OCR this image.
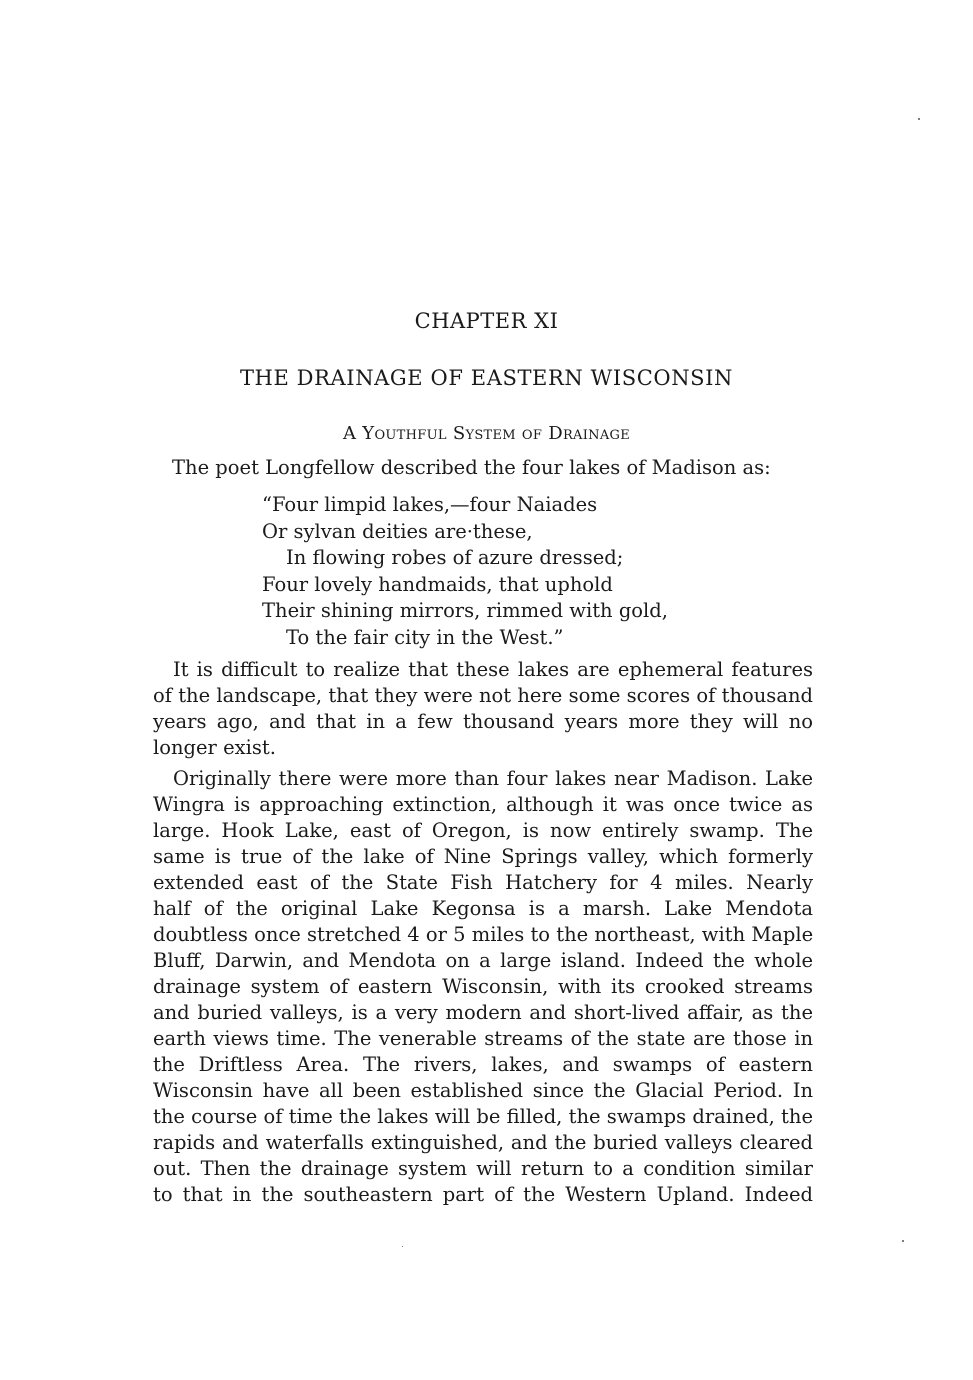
CHAPTER XI
THE DRAINAGE OF EASTERN WISCONSIN
A Youthful System of Drainage

The poet Longfellow described the four lakes of Madison as:

“Four limpid lakes,—four Naiades
Or sylvan deities are·these,
In flowing robes of azure dressed;
Four lovely handmaids, that uphold
Their shining mirrors, rimmed with gold,
To the fair city in the West.”
It is difficult to realize that these lakes are ephemeral features
of the landscape, that they were not here some scores of thousand
years ago, and that in a few thousand years more they will no
longer exist.
Originally there were more than four lakes near Madison. Lake
Wingra is approaching extinction, although it was once twice as
large. Hook Lake, east of Oregon, is now entirely swamp. The
same is true of the lake of Nine Springs valley, which formerly
extended east of the State Fish Hatchery for 4 miles. Nearly
half of the original Lake Kegonsa is a marsh. Lake Mendota
doubtless once stretched 4 or 5 miles to the northeast, with Maple
Bluff, Darwin, and Mendota on a large island. Indeed the whole
drainage system of eastern Wisconsin, with its crooked streams
and buried valleys, is a very modern and short-lived affair, as the
earth views time. The venerable streams of the state are those in
the Driftless Area. The rivers, lakes, and swamps of eastern
Wisconsin have all been established since the Glacial Period. In
the course of time the lakes will be filled, the swamps drained, the
rapids and waterfalls extinguished, and the buried valleys cleared
out. Then the drainage system will return to a condition similar
to that in the southeastern part of the Western Upland. Indeed
